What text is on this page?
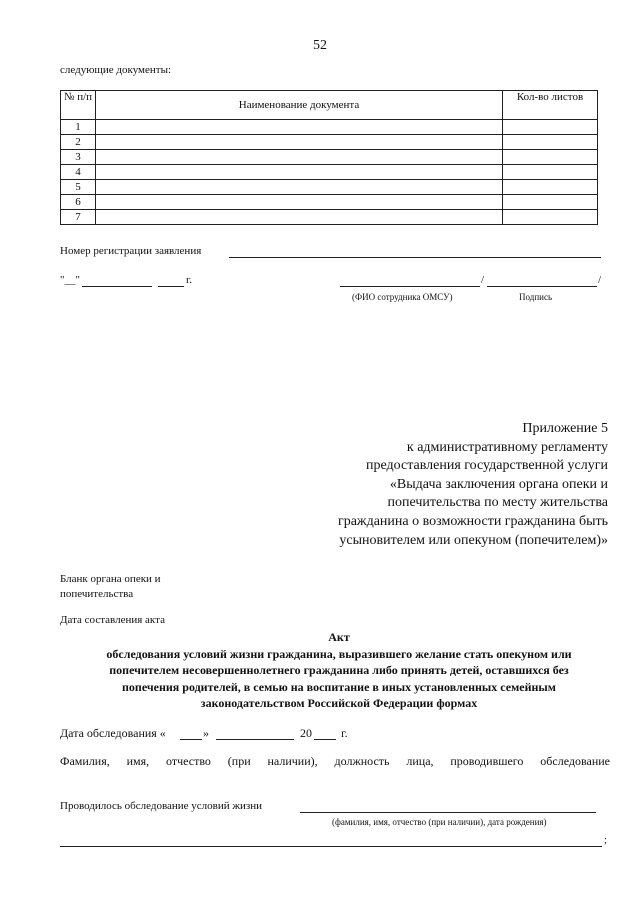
52
следующие документы:
№ п/п	Наименование документа	Кол-во листов
1		
2		
3		
4		
5		
6		
7		
Номер регистрации заявления
"__"	г.	/	/
(ФИО сотрудника ОМСУ)	Подпись
Приложение 5
к административному регламенту
предоставления государственной услуги
«Выдача заключения органа опеки и
попечительства по месту жительства
гражданина о возможности гражданина быть
усыновителем или опекуном (попечителем)»
Бланк органа опеки и
попечительства
Дата составления акта
Акт
обследования условий жизни гражданина, выразившего желание стать опекуном или
попечителем несовершеннолетнего гражданина либо принять детей, оставшихся без
попечения родителей, в семью на воспитание в иных установленных семейным
законодательством Российской Федерации формах
Дата обследования «	»	20 г.
Фамилия, имя, отчество (при наличии), должность лица, проводившего обследование
Проводилось обследование условий жизни
(фамилия, имя, отчество (при наличии), дата рождения)
;
